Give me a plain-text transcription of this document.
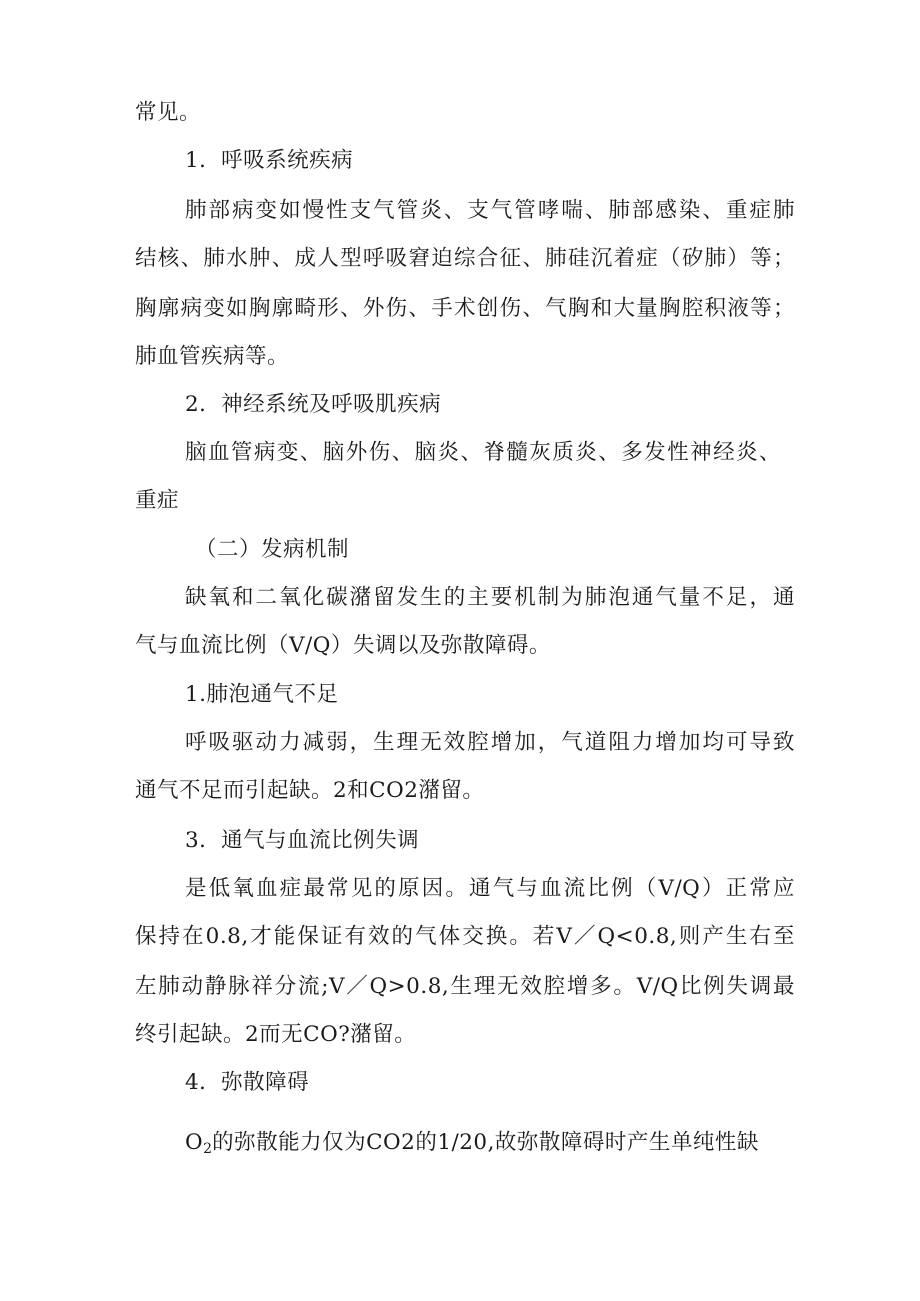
常见。
1．呼吸系统疾病
肺部病变如慢性支气管炎、支气管哮喘、肺部感染、重症肺
结核、肺水肿、成人型呼吸窘迫综合征、肺硅沉着症（矽肺）等；
胸廓病变如胸廓畸形、外伤、手术创伤、气胸和大量胸腔积液等；
肺血管疾病等。
2．神经系统及呼吸肌疾病
脑血管病变、脑外伤、脑炎、脊髓灰质炎、多发性神经炎、
重症
（二）发病机制
缺氧和二氧化碳潴留发生的主要机制为肺泡通气量不足，通
气与血流比例（V/Q）失调以及弥散障碍。
1.肺泡通气不足
呼吸驱动力减弱，生理无效腔增加，气道阻力增加均可导致
通气不足而引起缺。2和CO2潴留。
3．通气与血流比例失调
是低氧血症最常见的原因。通气与血流比例（V/Q）正常应
保持在0.8,才能保证有效的气体交换。若V／Q<0.8,则产生右至
左肺动静脉祥分流;V／Q>0.8,生理无效腔增多。V/Q比例失调最
终引起缺。2而无CO?潴留。
4．弥散障碍
$O_2$的弥散能力仅为CO2的1/20,故弥散障碍时产生单纯性缺
